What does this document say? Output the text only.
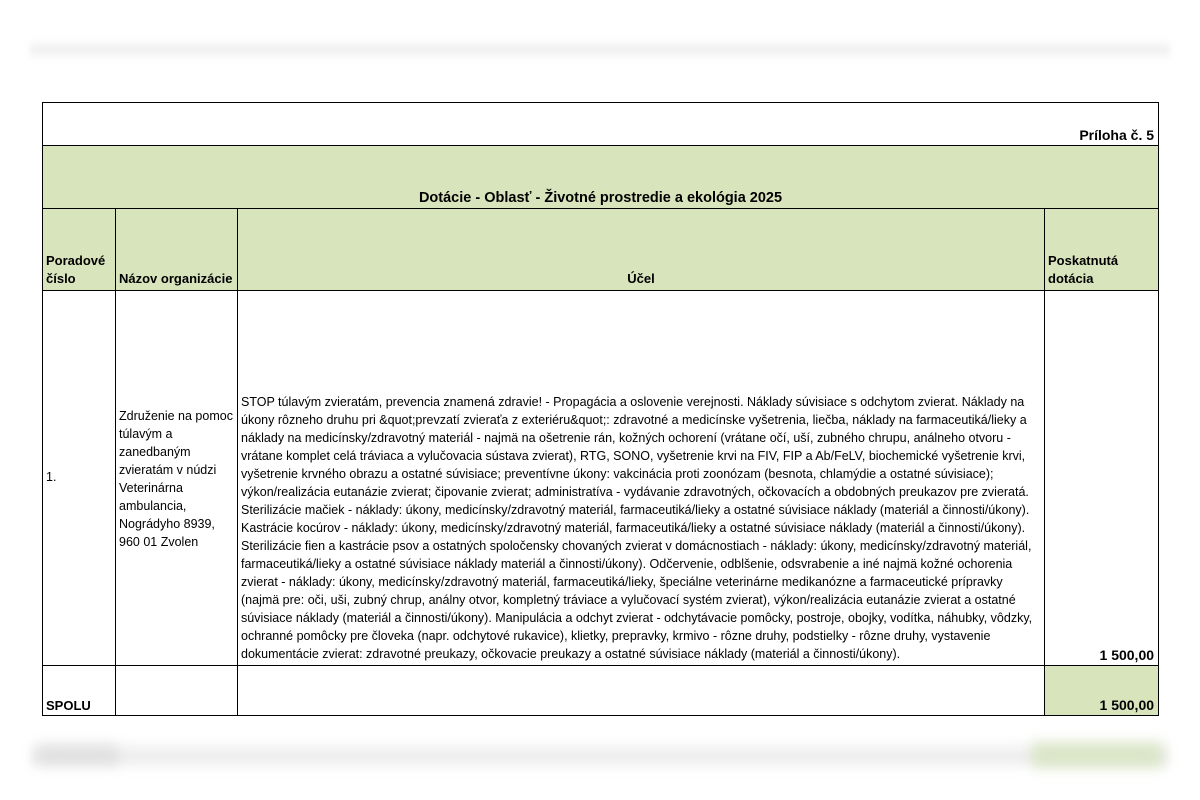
Príloha č. 5			
Dotácie - Oblasť - Životné prostredie a ekológia 2025			
Poradové číslo	Názov organizácie	Účel	Poskatnutá dotácia
1.	Združenie na pomoc túlavým a zanedbaným zvieratám v núdzi Veterinárna ambulancia, Nográdyho 8939, 960 01 Zvolen	STOP túlavým zvieratám, prevencia znamená zdravie! - Propagácia a oslovenie verejnosti. Náklady súvisiace s odchytom zvierat. Náklady na úkony rôzneho druhu pri &quot;prevzatí zvieraťa z exteriéru&quot;: zdravotné a medicínske vyšetrenia, liečba, náklady na farmaceutiká/lieky a náklady na medicínsky/zdravotný materiál - najmä na ošetrenie rán, kožných ochorení (vrátane očí, uší, zubného chrupu, análneho otvoru - vrátane komplet celá tráviaca a vylučovacia sústava zvierat), RTG, SONO, vyšetrenie krvi na FIV, FIP a Ab/FeLV, biochemické vyšetrenie krvi, vyšetrenie krvného obrazu a ostatné súvisiace; preventívne úkony: vakcinácia proti zoonózam (besnota, chlamýdie a ostatné súvisiace); výkon/realizácia eutanázie zvierat; čipovanie zvierat; administratíva - vydávanie zdravotných, očkovacích a obdobných preukazov pre zvieratá. Sterilizácie mačiek - náklady: úkony, medicínsky/zdravotný materiál, farmaceutiká/lieky a ostatné súvisiace náklady (materiál a činnosti/úkony). Kastrácie kocúrov - náklady: úkony, medicínsky/zdravotný materiál, farmaceutiká/lieky a ostatné súvisiace náklady (materiál a činnosti/úkony). Sterilizácie fien a kastrácie psov a ostatných spoločensky chovaných zvierat v domácnostiach - náklady: úkony, medicínsky/zdravotný materiál, farmaceutiká/lieky a ostatné súvisiace náklady materiál a činnosti/úkony). Odčervenie, odblšenie, odsvrabenie a iné najmä kožné ochorenia zvierat - náklady: úkony, medicínsky/zdravotný materiál, farmaceutiká/lieky, špeciálne veterinárne medikanózne a farmaceutické prípravky (najmä pre: oči, uši, zubný chrup, análny otvor, kompletný tráviace a vylučovací systém zvierat), výkon/realizácia eutanázie zvierat a ostatné súvisiace náklady (materiál a činnosti/úkony). Manipulácia a odchyt zvierat - odchytávacie pomôcky, postroje, obojky, vodítka, náhubky, vôdzky, ochranné pomôcky pre človeka (napr. odchytové rukavice), klietky, prepravky, krmivo - rôzne druhy, podstielky - rôzne druhy, vystavenie dokumentácie zvierat: zdravotné preukazy, očkovacie preukazy a ostatné súvisiace náklady (materiál a činnosti/úkony).	1 500,00
SPOLU			1 500,00
